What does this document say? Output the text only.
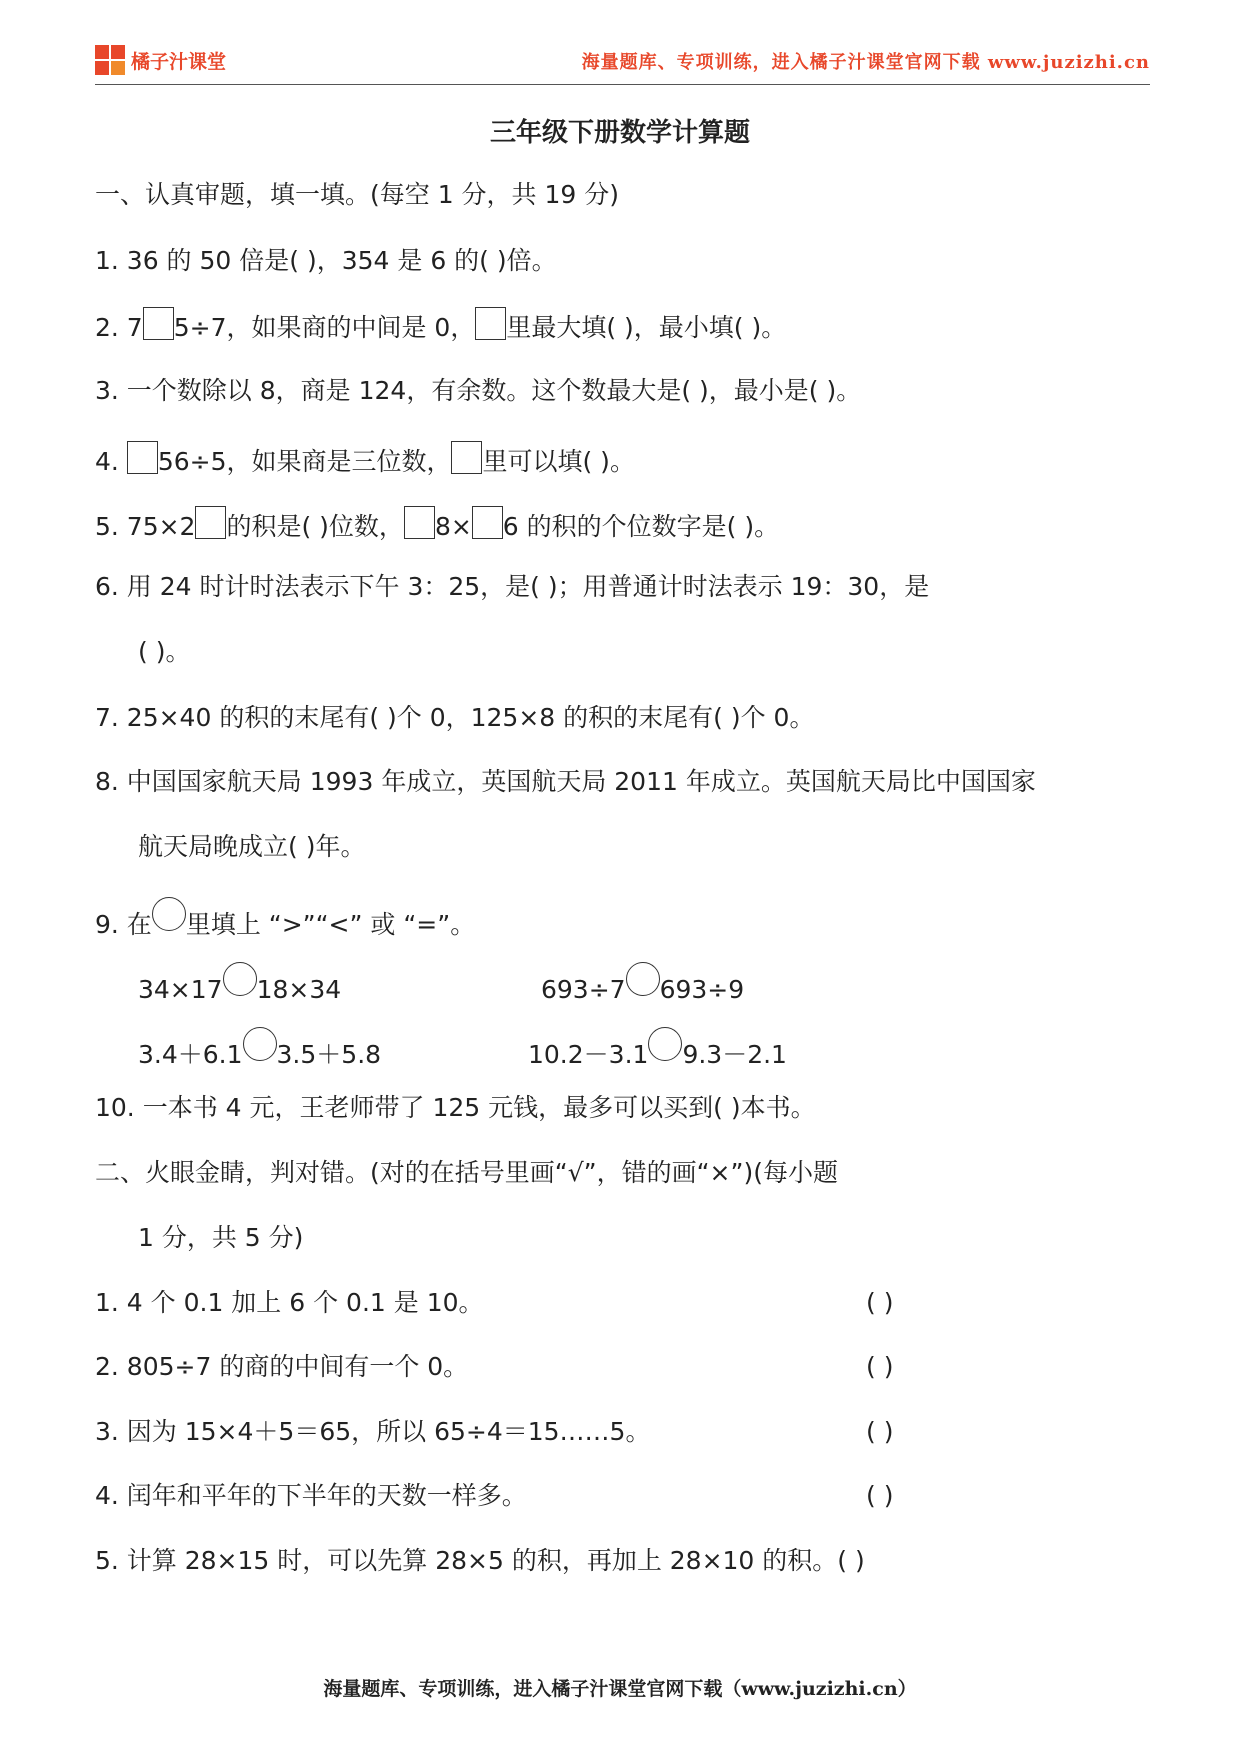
橘子汁课堂	海量题库、专项训练，进入橘子汁课堂官网下载 www.juzizhi.cn
三年级下册数学计算题
一、认真审题，填一填。(每空 1 分，共 19 分)
1. 36 的 50 倍是( )，354 是 6 的( )倍。
2. 7 5÷7，如果商的中间是 0， 里最大填( )，最小填( )。
3. 一个数除以 8，商是 124，有余数。这个数最大是( )，最小是( )。
4. 56÷5，如果商是三位数， 里可以填( )。
5. 75×2 的积是( )位数， 8× 6 的积的个位数字是( )。
6. 用 24 时计时法表示下午 3：25，是( )；用普通计时法表示 19：30，是
( )。
7. 25×40 的积的末尾有( )个 0，125×8 的积的末尾有( )个 0。
8. 中国国家航天局 1993 年成立，英国航天局 2011 年成立。英国航天局比中国国家
航天局晚成立( )年。
9. 在 里填上 “>”“<” 或 “=”。
34×17 18×34	693÷7 693÷9
3.4＋6.1 3.5＋5.8	10.2－3.1 9.3－2.1
10. 一本书 4 元，王老师带了 125 元钱，最多可以买到( )本书。
二、火眼金睛，判对错。(对的在括号里画“√”，错的画“×”)(每小题
1 分，共 5 分)
1. 4 个 0.1 加上 6 个 0.1 是 10。	( )
2. 805÷7 的商的中间有一个 0。	( )
3. 因为 15×4＋5＝65，所以 65÷4＝15……5。	( )
4. 闰年和平年的下半年的天数一样多。	( )
5. 计算 28×15 时，可以先算 28×5 的积，再加上 28×10 的积。( )
海量题库、专项训练，进入橘子汁课堂官网下载（www.juzizhi.cn）
